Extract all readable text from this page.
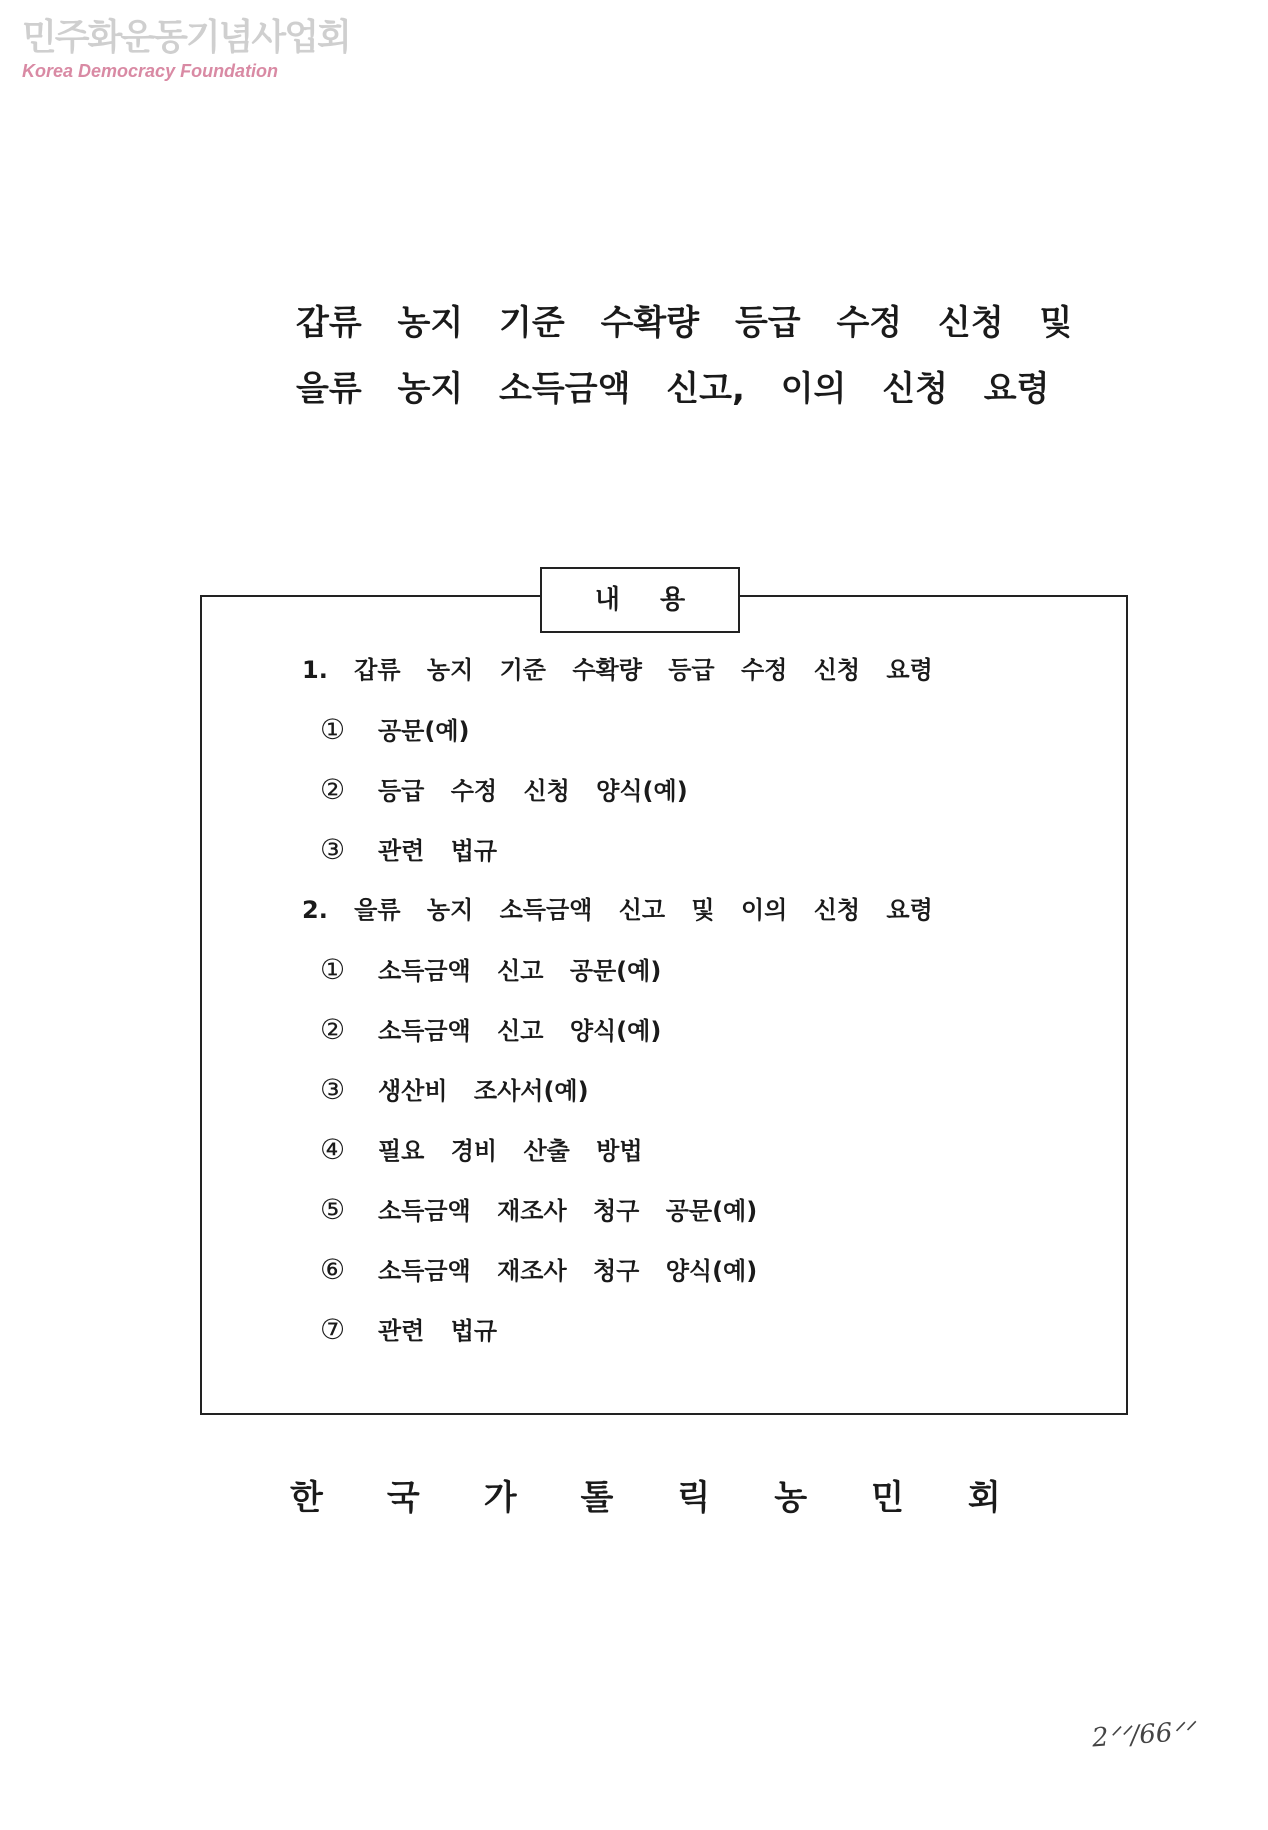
민주화운동기념사업회
Korea Democracy Foundation
갑류 농지 기준 수확량 등급 수정 신청 및
을류 농지 소득금액 신고, 이의 신청 요령
내용
1. 갑류 농지 기준 수확량 등급 수정 신청 요령
① 공문(예)
② 등급 수정 신청 양식(예)
③ 관련 법규
2. 을류 농지 소득금액 신고 및 이의 신청 요령
① 소득금액 신고 공문(예)
② 소득금액 신고 양식(예)
③ 생산비 조사서(예)
④ 필요 경비 산출 방법
⑤ 소득금액 재조사 청구 공문(예)
⑥ 소득금액 재조사 청구 양식(예)
⑦ 관련 법규
한국가톨릭농민회
2ᐟᐟ/66ᐟᐟ
